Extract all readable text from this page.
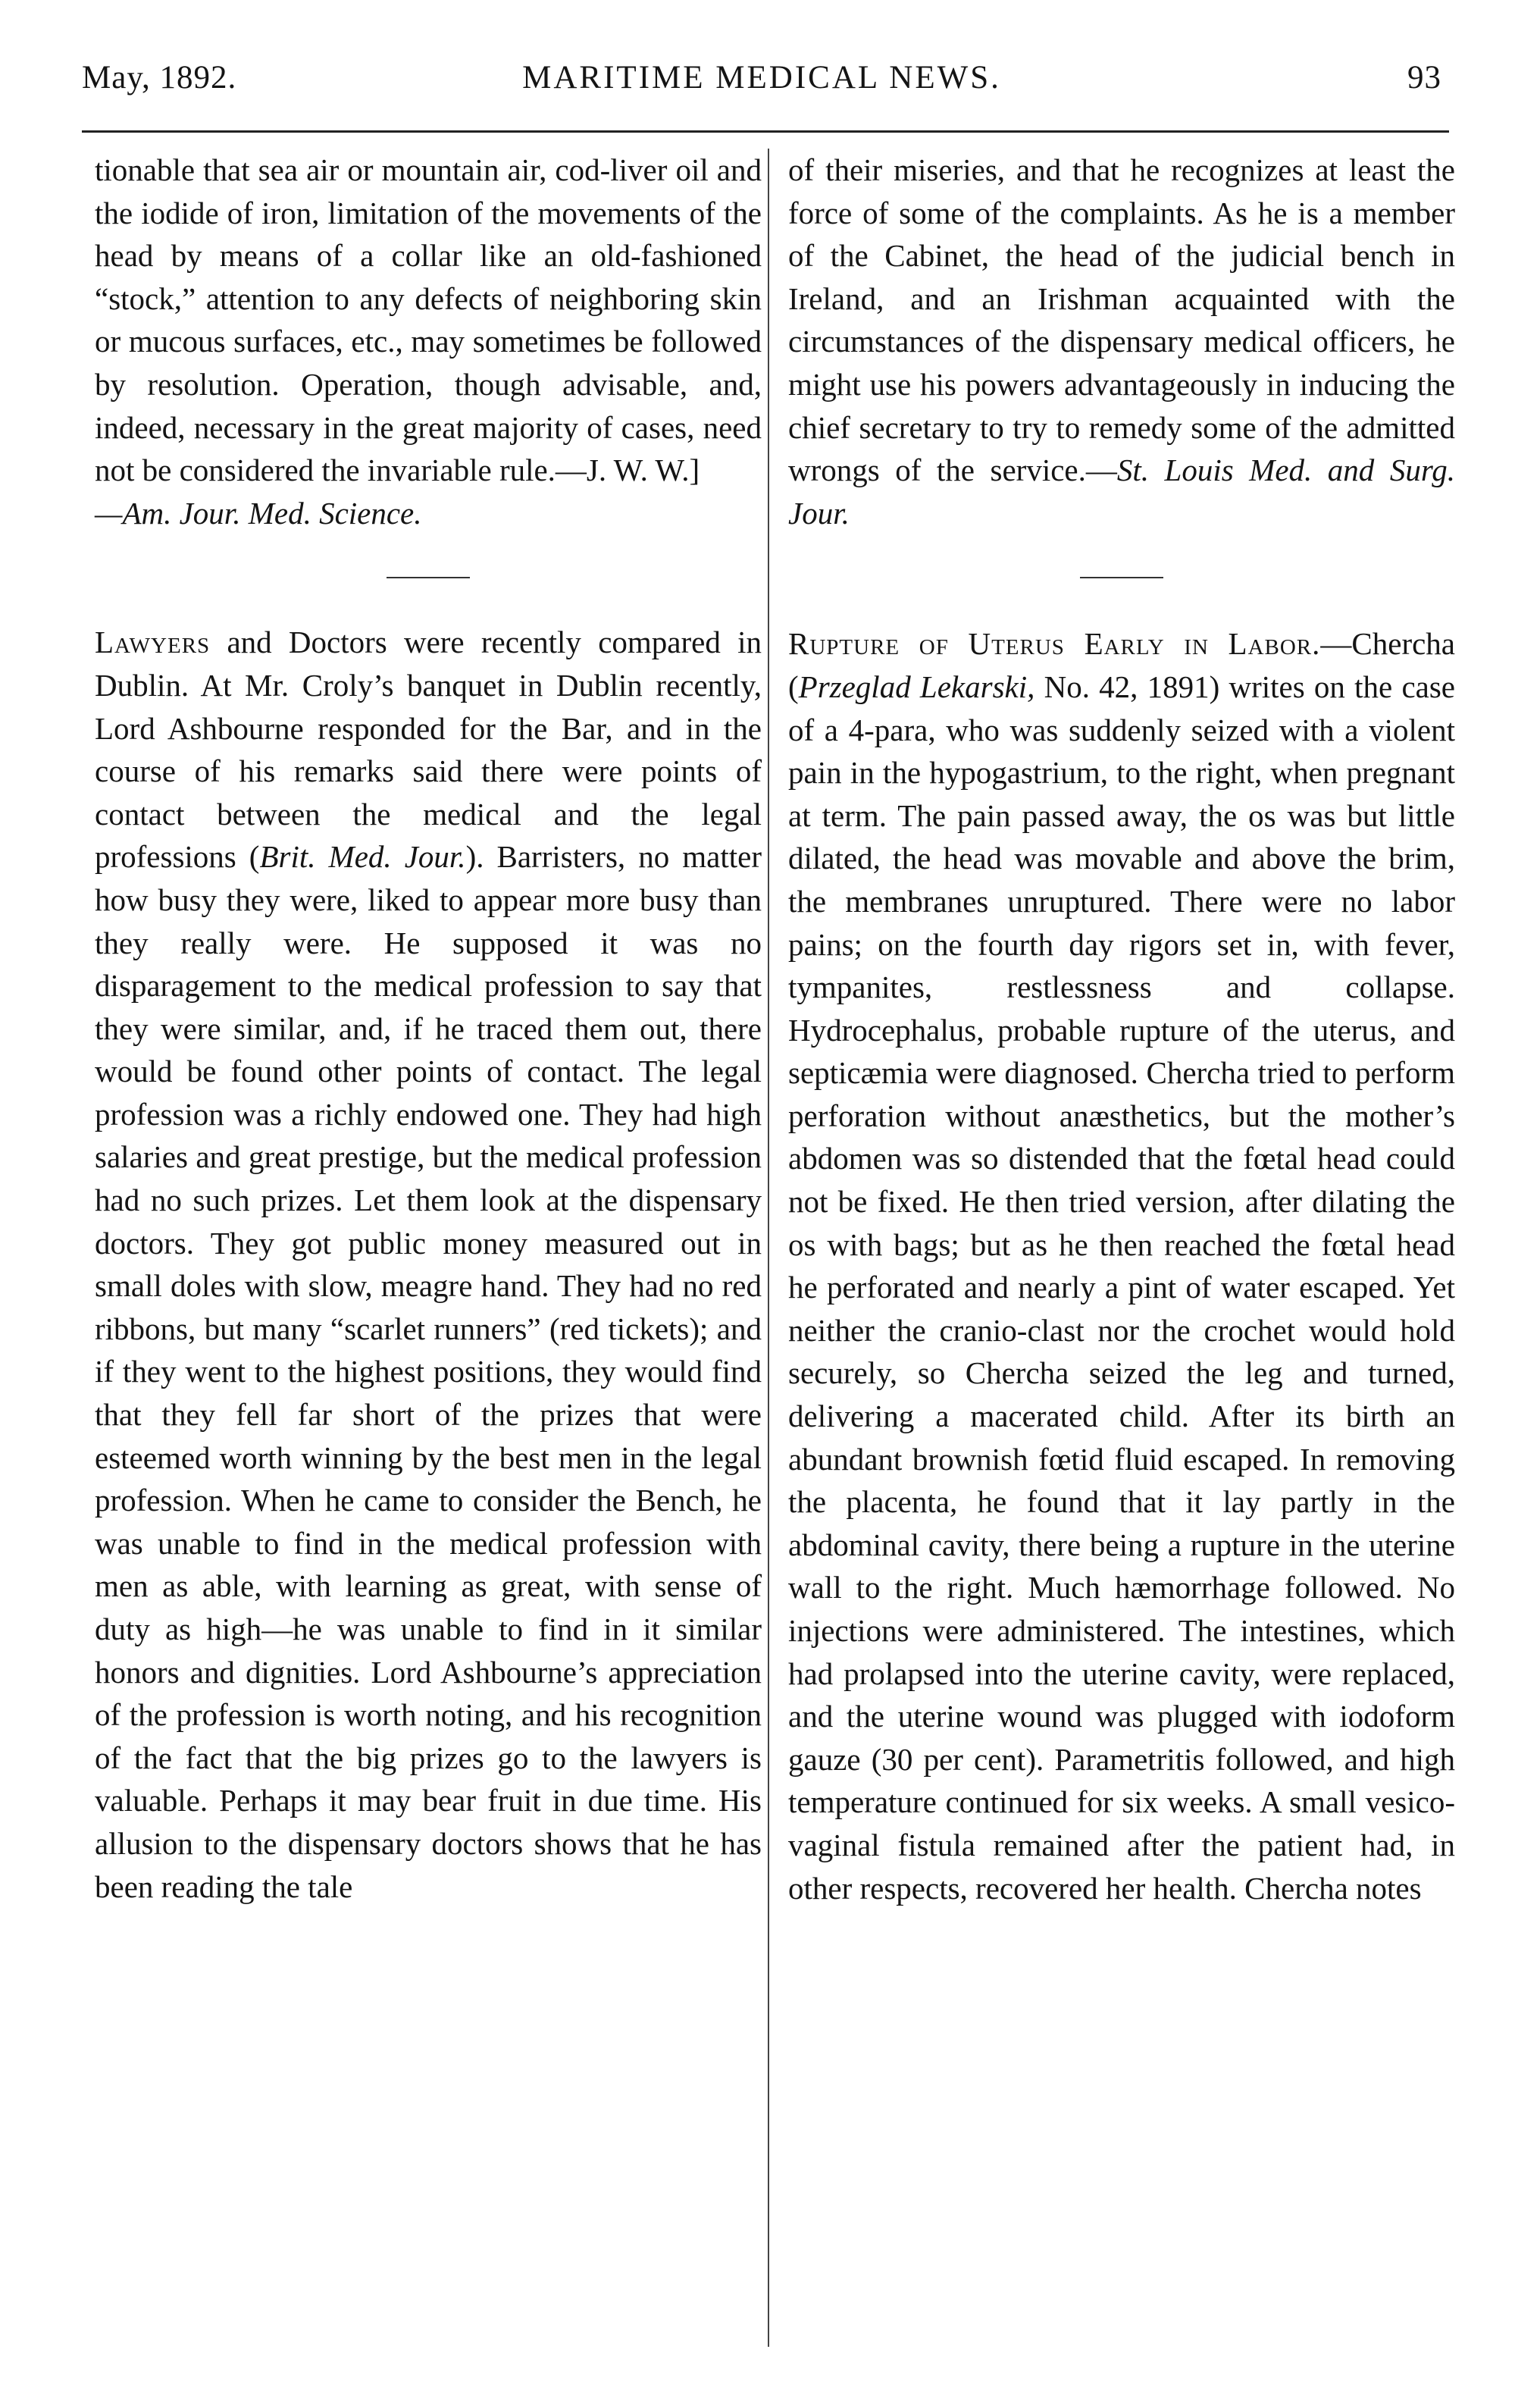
May, 1892.	MARITIME MEDICAL NEWS.	93

tionable that sea air or mountain air, cod-liver oil and the iodide of iron, limitation of the movements of the head by means of a collar like an old-fashioned “stock,” attention to any defects of neighboring skin or mucous surfaces, etc., may sometimes be followed by resolution. Operation, though advisable, and, indeed, necessary in the great majority of cases, need not be considered the invariable rule.—J. W. W.]

—Am. Jour. Med. Science.

Lawyers and Doctors were recently compared in Dublin. At Mr. Croly’s banquet in Dublin recently, Lord Ashbourne responded for the Bar, and in the course of his remarks said there were points of contact between the medical and the legal professions (Brit. Med. Jour.). Barristers, no matter how busy they were, liked to appear more busy than they really were. He supposed it was no disparagement to the medical profession to say that they were similar, and, if he traced them out, there would be found other points of contact. The legal profession was a richly endowed one. They had high salaries and great prestige, but the medical profession had no such prizes. Let them look at the dispensary doctors. They got public money measured out in small doles with slow, meagre hand. They had no red ribbons, but many “scarlet runners” (red tickets); and if they went to the highest positions, they would find that they fell far short of the prizes that were esteemed worth winning by the best men in the legal profession. When he came to consider the Bench, he was unable to find in the medical profession with men as able, with learning as great, with sense of duty as high—he was unable to find in it similar honors and dignities. Lord Ashbourne’s appreciation of the profession is worth noting, and his recognition of the fact that the big prizes go to the lawyers is valuable. Perhaps it may bear fruit in due time. His allusion to the dispensary doctors shows that he has been reading the tale

of their miseries, and that he recognizes at least the force of some of the complaints. As he is a member of the Cabinet, the head of the judicial bench in Ireland, and an Irishman acquainted with the circumstances of the dispensary medical officers, he might use his powers advantageously in inducing the chief secretary to try to remedy some of the admitted wrongs of the service.—St. Louis Med. and Surg. Jour.

Rupture of Uterus Early in Labor.—Chercha (Przeglad Lekarski, No. 42, 1891) writes on the case of a 4-para, who was suddenly seized with a violent pain in the hypogastrium, to the right, when pregnant at term. The pain passed away, the os was but little dilated, the head was movable and above the brim, the membranes unruptured. There were no labor pains; on the fourth day rigors set in, with fever, tympanites, restlessness and collapse. Hydrocephalus, probable rupture of the uterus, and septicæmia were diagnosed. Chercha tried to perform perforation without anæsthetics, but the mother’s abdomen was so distended that the fœtal head could not be fixed. He then tried version, after dilating the os with bags; but as he then reached the fœtal head he perforated and nearly a pint of water escaped. Yet neither the cranio-clast nor the crochet would hold securely, so Chercha seized the leg and turned, delivering a macerated child. After its birth an abundant brownish fœtid fluid escaped. In removing the placenta, he found that it lay partly in the abdominal cavity, there being a rupture in the uterine wall to the right. Much hæmorrhage followed. No injections were administered. The intestines, which had prolapsed into the uterine cavity, were replaced, and the uterine wound was plugged with iodoform gauze (30 per cent). Parametritis followed, and high temperature continued for six weeks. A small vesico-vaginal fistula remained after the patient had, in other respects, recovered her health. Chercha notes
